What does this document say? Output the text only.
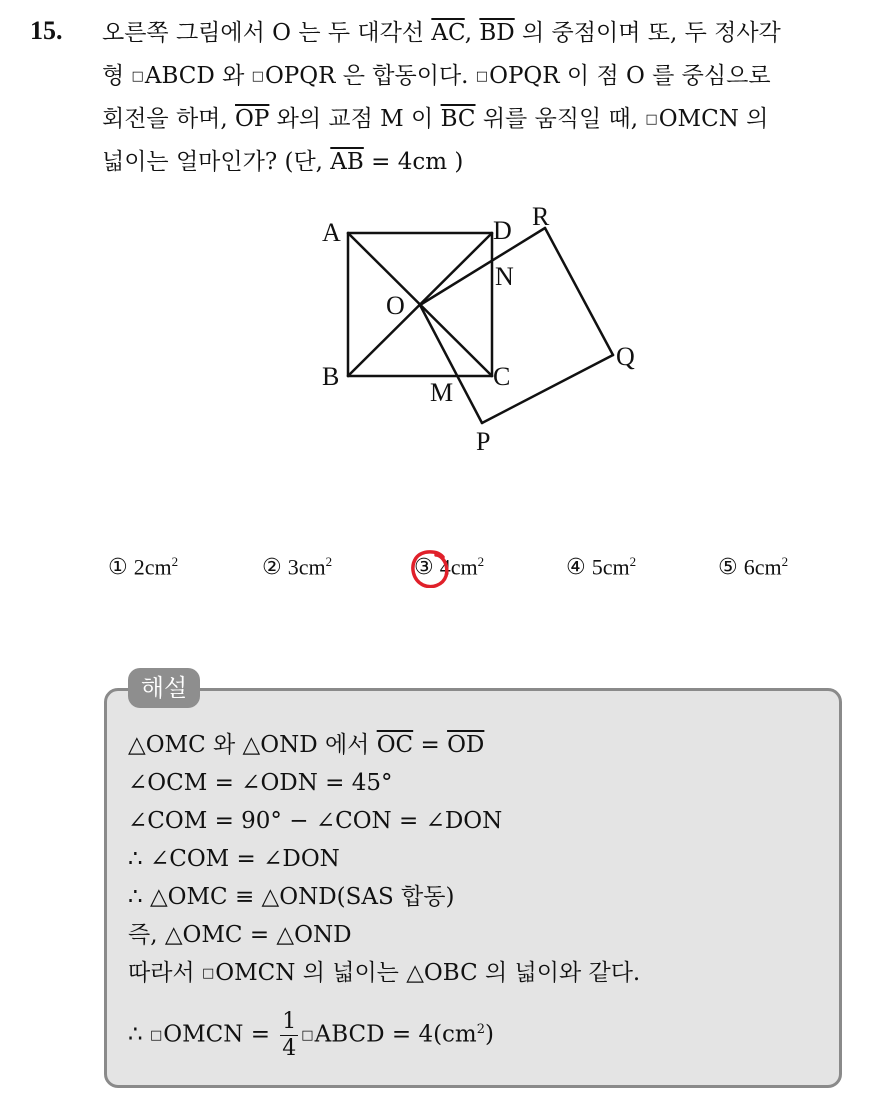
15. 오른쪽 그림에서 O 는 두 대각선 $\overline{AC}$, $\overline{BD}$ 의 중점이며 또, 두 정사각
형 □ABCD 와 □OPQR 은 합동이다. □OPQR 이 점 O 를 중심으로
회전을 하며, $\overline{OP}$ 와의 교점 M 이 $\overline{BC}$ 위를 움직일 때, □OMCN 의
넓이는 얼마인가? (단, $\overline{AB} = 4cm$ )
A	D R
N
O
Q
B	C
M
P
① $2cm^2$	② $3cm^2$	③ $4cm^2$	④ $5cm^2$	⑤ $6cm^2$
해설
△OMC 와 △OND 에서 $\overline{OC} = \overline{OD}$
∠OCM = ∠ODN = 45°
∠COM = 90° − ∠CON = ∠DON
∴ ∠COM = ∠DON
∴ △OMC ≡ △OND(SAS 합동)
즉, △OMC = △OND
따라서 □OMCN 의 넓이는 △OBC 의 넓이와 같다.
∴ □OMCN = $\frac{1}{4}$ □ABCD = $4(cm^2)$
